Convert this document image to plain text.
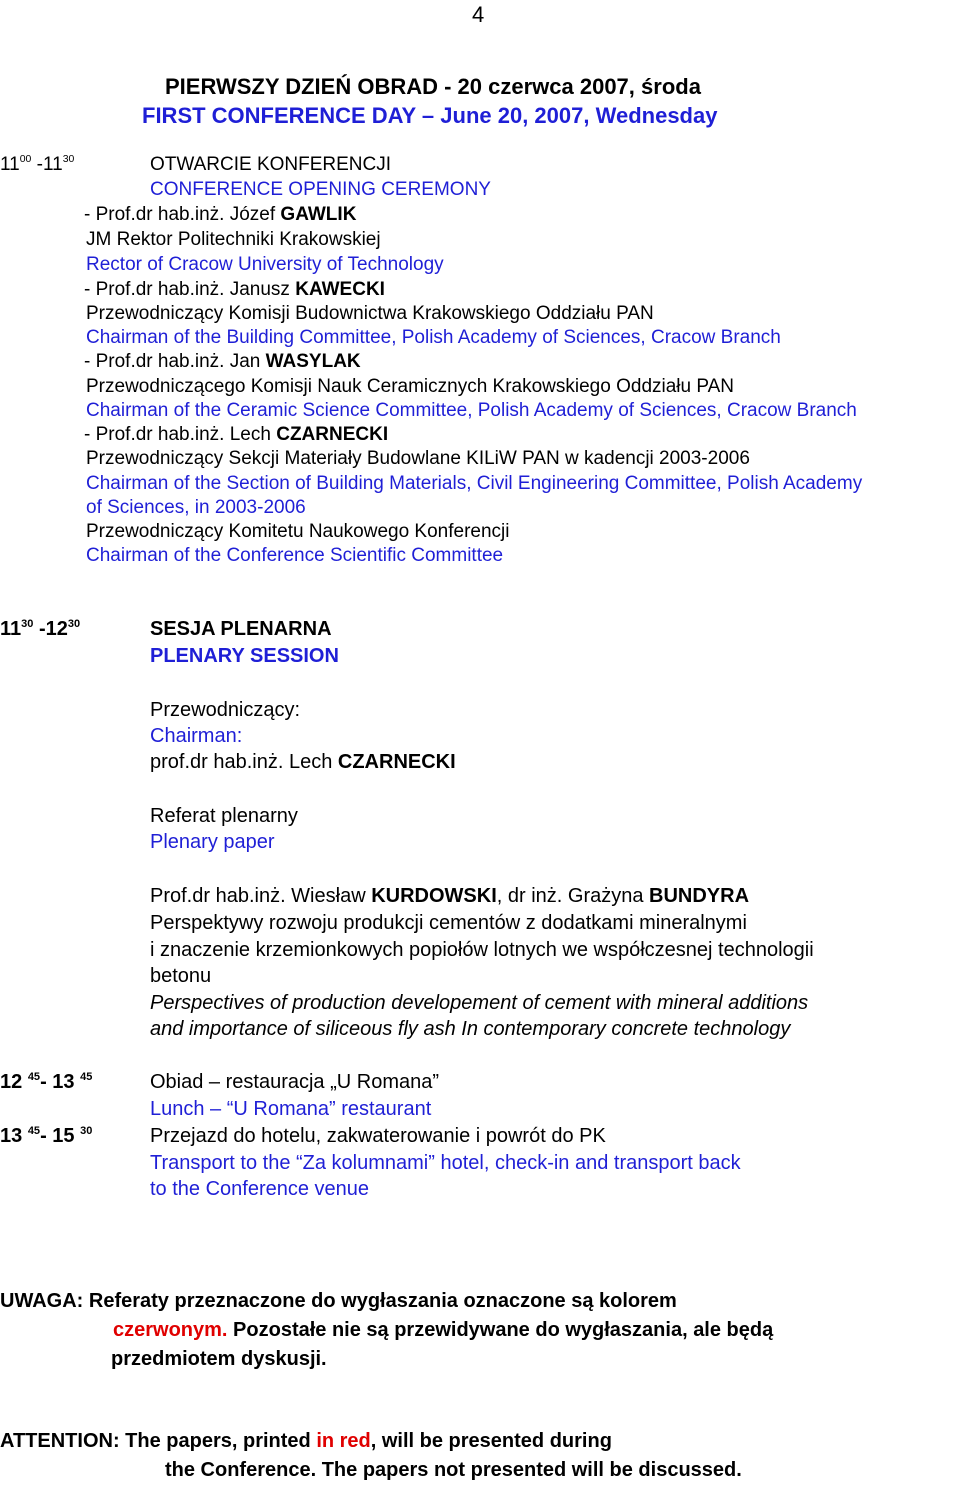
4
PIERWSZY DZIEŃ OBRAD - 20 czerwca 2007, środa
FIRST CONFERENCE DAY – June 20, 2007, Wednesday
$11^{00}$ $-11^{30}$	OTWARCIE KONFERENCJI
CONFERENCE OPENING CEREMONY
- Prof.dr hab.inż. Józef GAWLIK
JM Rektor Politechniki Krakowskiej
Rector of Cracow University of Technology
- Prof.dr hab.inż. Janusz KAWECKI
Przewodniczący Komisji Budownictwa Krakowskiego Oddziału PAN
Chairman of the Building Committee, Polish Academy of Sciences, Cracow Branch
- Prof.dr hab.inż. Jan WASYLAK
Przewodniczącego Komisji Nauk Ceramicznych Krakowskiego Oddziału PAN
Chairman of the Ceramic Science Committee, Polish Academy of Sciences, Cracow Branch
- Prof.dr hab.inż. Lech CZARNECKI
Przewodniczący Sekcji Materiały Budowlane KILiW PAN w kadencji 2003-2006
Chairman of the Section of Building Materials, Civil Engineering Committee, Polish Academy
of Sciences, in 2003-2006
Przewodniczący Komitetu Naukowego Konferencji
Chairman of the Conference Scientific Committee
$11^{30}$ $-12^{30}$	SESJA PLENARNA
PLENARY SESSION
Przewodniczący:
Chairman:
prof.dr hab.inż. Lech CZARNECKI
Referat plenarny
Plenary paper
Prof.dr hab.inż. Wiesław KURDOWSKI, dr inż. Grażyna BUNDYRA
Perspektywy rozwoju produkcji cementów z dodatkami mineralnymi
i znaczenie krzemionkowych popiołów lotnych we współczesnej technologii
betonu
Perspectives of production developement of cement with mineral additions
and importance of siliceous fly ash In contemporary concrete technology
12 $^{45}$- 13 $^{45}$	Obiad – restauracja „U Romana”
Lunch – “U Romana” restaurant
13 $^{45}$- 15 $^{30}$	Przejazd do hotelu, zakwaterowanie i powrót do PK
Transport to the “Za kolumnami” hotel, check-in and transport back
to the Conference venue
UWAGA: Referaty przeznaczone do wygłaszania oznaczone są kolorem
czerwonym. Pozostałe nie są przewidywane do wygłaszania, ale będą
przedmiotem dyskusji.
ATTENTION: The papers, printed in red, will be presented during
the Conference. The papers not presented will be discussed.
